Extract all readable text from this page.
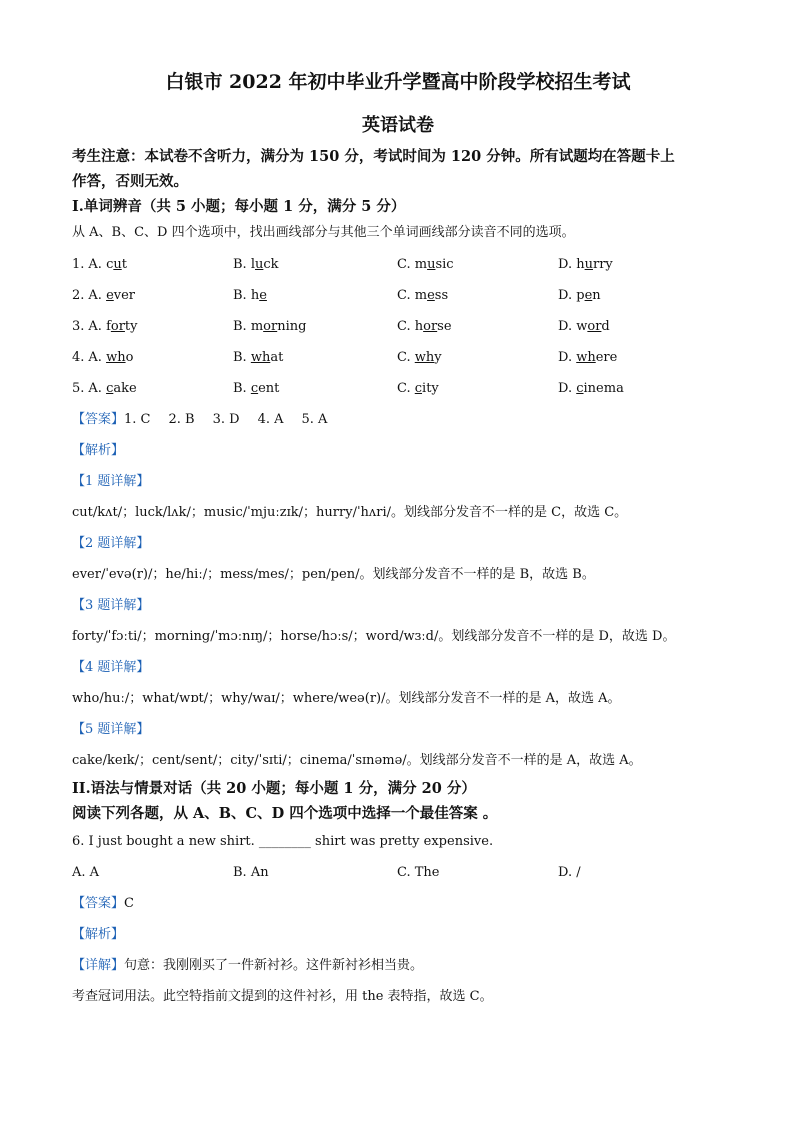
白银市 2022 年初中毕业升学暨高中阶段学校招生考试
英语试卷
考生注意：本试卷不含听力，满分为 150 分，考试时间为 120 分钟。所有试题均在答题卡上
作答，否则无效。
I.单词辨音（共 5 小题；每小题 1 分，满分 5 分）
从 A、B、C、D 四个选项中，找出画线部分与其他三个单词画线部分读音不同的选项。
1. A. cut	B. luck	C. music	D. hurry
2. A. ever	B. he	C. mess	D. pen
3. A. forty	B. morning	C. horse	D. word
4. A. who	B. what	C. why	D. where
5. A. cake	B. cent	C. city	D. cinema
【答案】1. C 2. B 3. D 4. A 5. A
【解析】
【1 题详解】
cut/kʌt/；luck/lʌk/；music/ˈmjuːzɪk/；hurry/ˈhʌri/。划线部分发音不一样的是 C，故选 C。
【2 题详解】
ever/ˈevə(r)/；he/hiː/；mess/mes/；pen/pen/。划线部分发音不一样的是 B，故选 B。
【3 题详解】
forty/ˈfɔːti/；morning/ˈmɔːnɪŋ/；horse/hɔːs/；word/wɜːd/。划线部分发音不一样的是 D，故选 D。
【4 题详解】
who/huː/；what/wɒt/；why/waɪ/；where/weə(r)/。划线部分发音不一样的是 A，故选 A。
【5 题详解】
cake/keɪk/；cent/sent/；city/ˈsɪti/；cinema/ˈsɪnəmə/。划线部分发音不一样的是 A，故选 A。
II.语法与情景对话（共 20 小题；每小题 1 分，满分 20 分）
阅读下列各题，从 A、B、C、D 四个选项中选择一个最佳答案 。
6. I just bought a new shirt. ________ shirt was pretty expensive.
A. A	B. An	C. The	D. /
【答案】C
【解析】
【详解】句意：我刚刚买了一件新衬衫。这件新衬衫相当贵。
考查冠词用法。此空特指前文提到的这件衬衫，用 the 表特指，故选 C。
